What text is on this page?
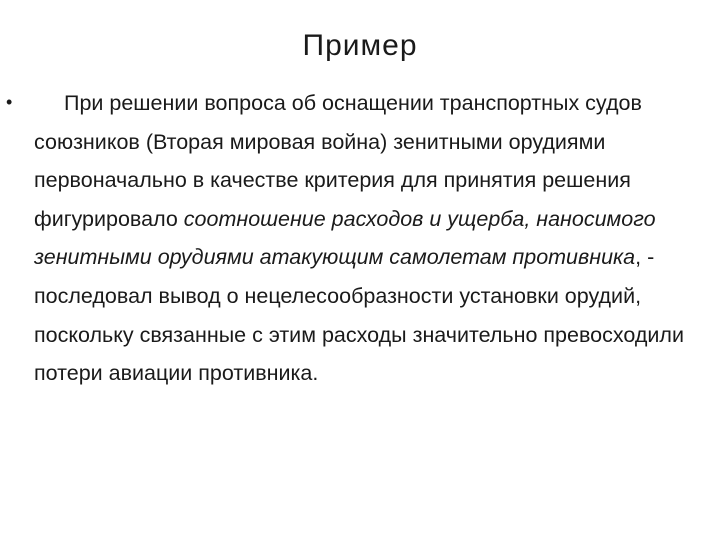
Пример
•	При решении вопроса об оснащении транспортных судов союзников (Вторая мировая война) зенитными орудиями первоначально в качестве критерия для принятия решения фигурировало соотношение расходов и ущерба, наносимого зенитными орудиями атакующим самолетам противника, - последовал вывод о нецелесообразности установки орудий, поскольку связанные с этим расходы значительно превосходили потери авиации противника.
